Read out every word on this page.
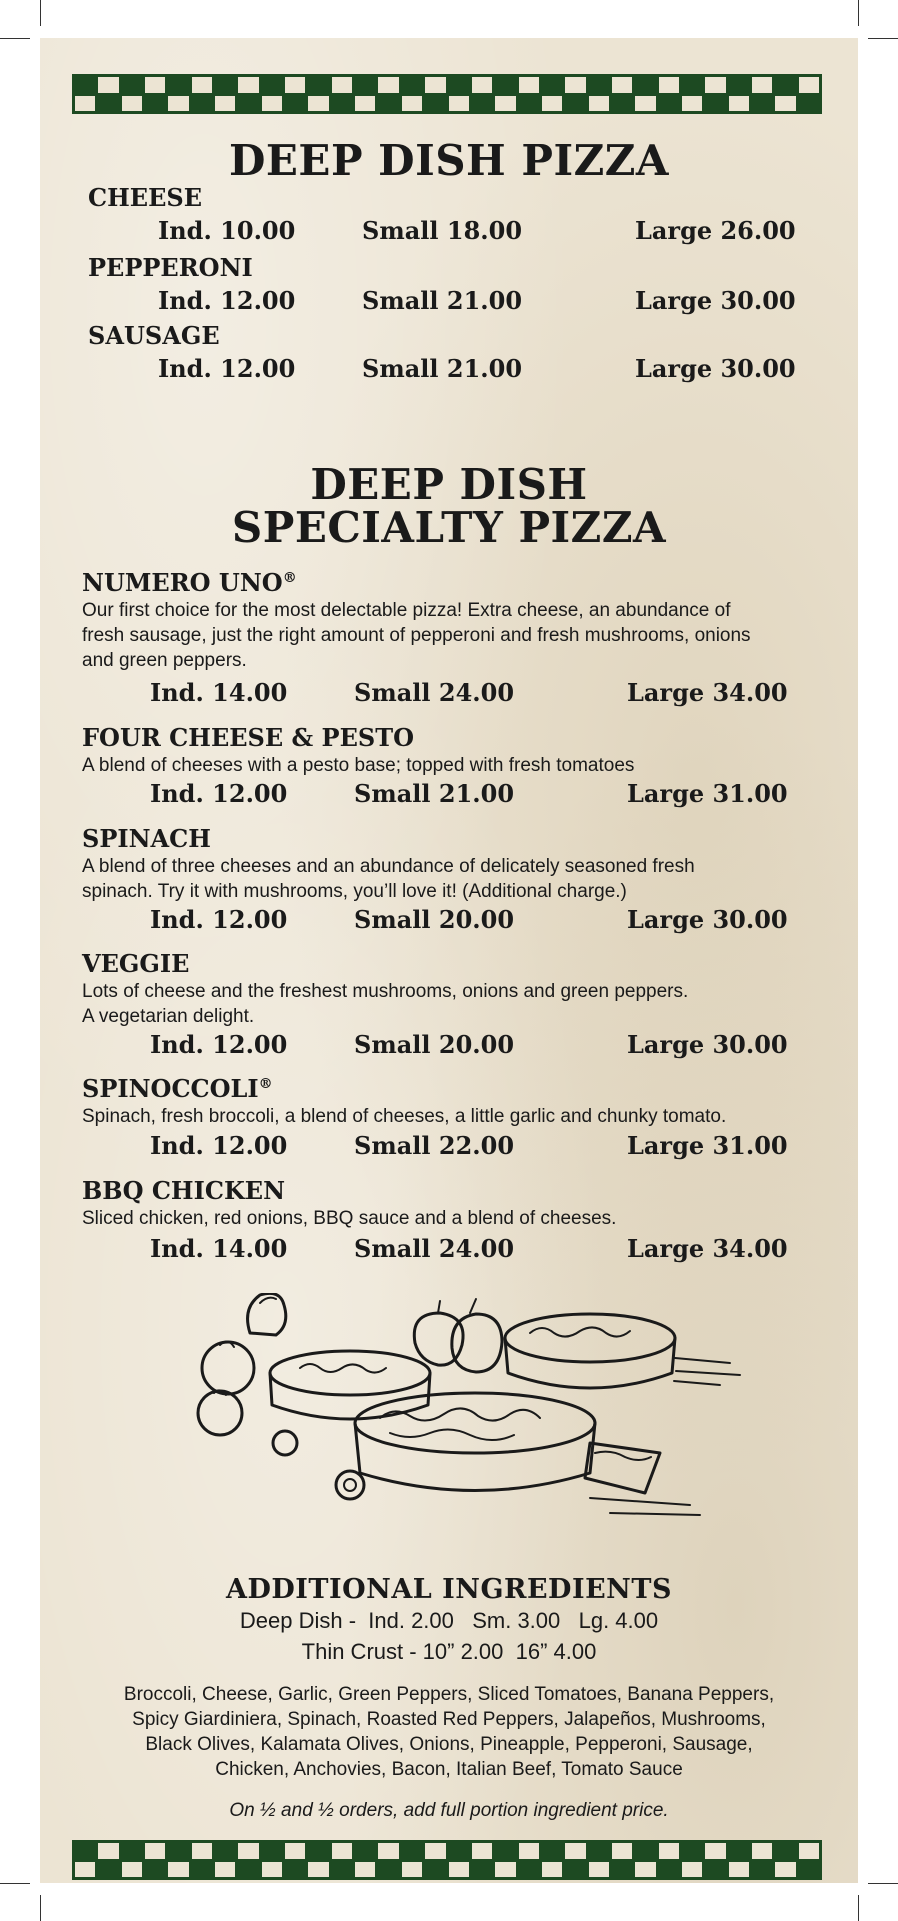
DEEP DISH PIZZA
CHEESE
Ind. 10.00	Small 18.00	Large 26.00
PEPPERONI
Ind. 12.00	Small 21.00	Large 30.00
SAUSAGE
Ind. 12.00	Small 21.00	Large 30.00
DEEP DISH
SPECIALTY PIZZA
NUMERO UNO®
Our first choice for the most delectable pizza! Extra cheese, an abundance of
fresh sausage, just the right amount of pepperoni and fresh mushrooms, onions
and green peppers.
Ind. 14.00	Small 24.00	Large 34.00
FOUR CHEESE & PESTO
A blend of cheeses with a pesto base; topped with fresh tomatoes
Ind. 12.00	Small 21.00	Large 31.00
SPINACH
A blend of three cheeses and an abundance of delicately seasoned fresh
spinach. Try it with mushrooms, you’ll love it! (Additional charge.)
Ind. 12.00	Small 20.00	Large 30.00
VEGGIE
Lots of cheese and the freshest mushrooms, onions and green peppers.
A vegetarian delight.
Ind. 12.00	Small 20.00	Large 30.00
SPINOCCOLI®
Spinach, fresh broccoli, a blend of cheeses, a little garlic and chunky tomato.
Ind. 12.00	Small 22.00	Large 31.00
BBQ CHICKEN
Sliced chicken, red onions, BBQ sauce and a blend of cheeses.
Ind. 14.00	Small 24.00	Large 34.00
ADDITIONAL INGREDIENTS
Deep Dish -  Ind. 2.00   Sm. 3.00   Lg. 4.00
Thin Crust - 10” 2.00  16” 4.00
Broccoli, Cheese, Garlic, Green Peppers, Sliced Tomatoes, Banana Peppers,
Spicy Giardiniera, Spinach, Roasted Red Peppers, Jalapeños, Mushrooms,
Black Olives, Kalamata Olives, Onions, Pineapple, Pepperoni, Sausage,
Chicken, Anchovies, Bacon, Italian Beef, Tomato Sauce
On ½ and ½ orders, add full portion ingredient price.
